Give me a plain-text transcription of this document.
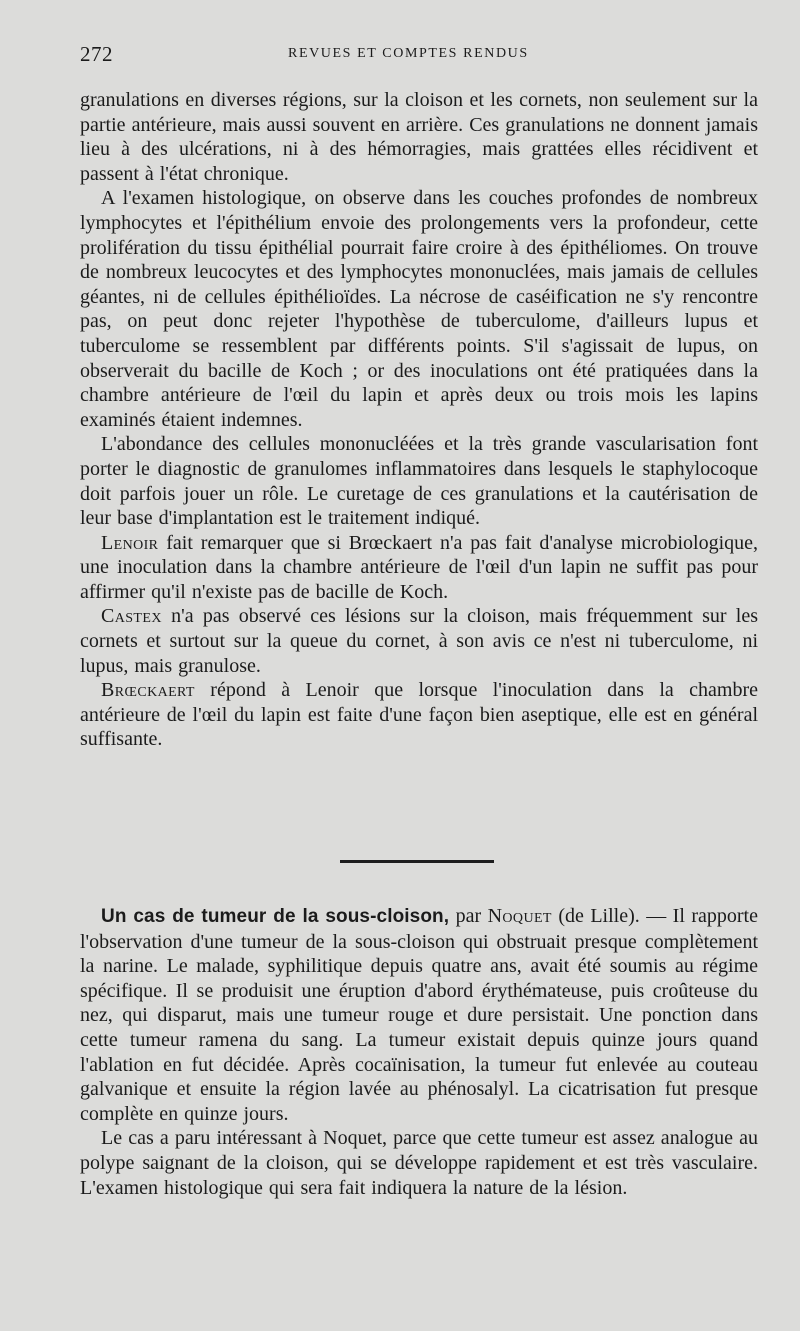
272	REVUES ET COMPTES RENDUS

granulations en diverses régions, sur la cloison et les cornets, non seulement sur la partie antérieure, mais aussi souvent en arrière. Ces granulations ne donnent jamais lieu à des ulcérations, ni à des hémorragies, mais grattées elles récidivent et passent à l'état chronique.

A l'examen histologique, on observe dans les couches profondes de nombreux lymphocytes et l'épithélium envoie des prolongements vers la profondeur, cette prolifération du tissu épithélial pourrait faire croire à des épithéliomes. On trouve de nombreux leucocytes et des lymphocytes mononuclées, mais jamais de cellules géantes, ni de cellules épithélioïdes. La nécrose de caséification ne s'y rencontre pas, on peut donc rejeter l'hypothèse de tuberculome, d'ailleurs lupus et tuberculome se ressemblent par différents points. S'il s'agissait de lupus, on observerait du bacille de Koch ; or des inoculations ont été pratiquées dans la chambre antérieure de l'œil du lapin et après deux ou trois mois les lapins examinés étaient indemnes.

L'abondance des cellules mononucléées et la très grande vascularisation font porter le diagnostic de granulomes inflammatoires dans lesquels le staphylocoque doit parfois jouer un rôle. Le curetage de ces granulations et la cautérisation de leur base d'implantation est le traitement indiqué.

Lenoir fait remarquer que si Brœckaert n'a pas fait d'analyse microbiologique, une inoculation dans la chambre antérieure de l'œil d'un lapin ne suffit pas pour affirmer qu'il n'existe pas de bacille de Koch.

Castex n'a pas observé ces lésions sur la cloison, mais fréquemment sur les cornets et surtout sur la queue du cornet, à son avis ce n'est ni tuberculome, ni lupus, mais granulose.

Brœckaert répond à Lenoir que lorsque l'inoculation dans la chambre antérieure de l'œil du lapin est faite d'une façon bien aseptique, elle est en général suffisante.

Un cas de tumeur de la sous-cloison, par Noquet (de Lille). — Il rapporte l'observation d'une tumeur de la sous-cloison qui obstruait presque complètement la narine. Le malade, syphilitique depuis quatre ans, avait été soumis au régime spécifique. Il se produisit une éruption d'abord érythémateuse, puis croûteuse du nez, qui disparut, mais une tumeur rouge et dure persistait. Une ponction dans cette tumeur ramena du sang. La tumeur existait depuis quinze jours quand l'ablation en fut décidée. Après cocaïnisation, la tumeur fut enlevée au couteau galvanique et ensuite la région lavée au phénosalyl. La cicatrisation fut presque complète en quinze jours.

Le cas a paru intéressant à Noquet, parce que cette tumeur est assez analogue au polype saignant de la cloison, qui se développe rapidement et est très vasculaire. L'examen histologique qui sera fait indiquera la nature de la lésion.
